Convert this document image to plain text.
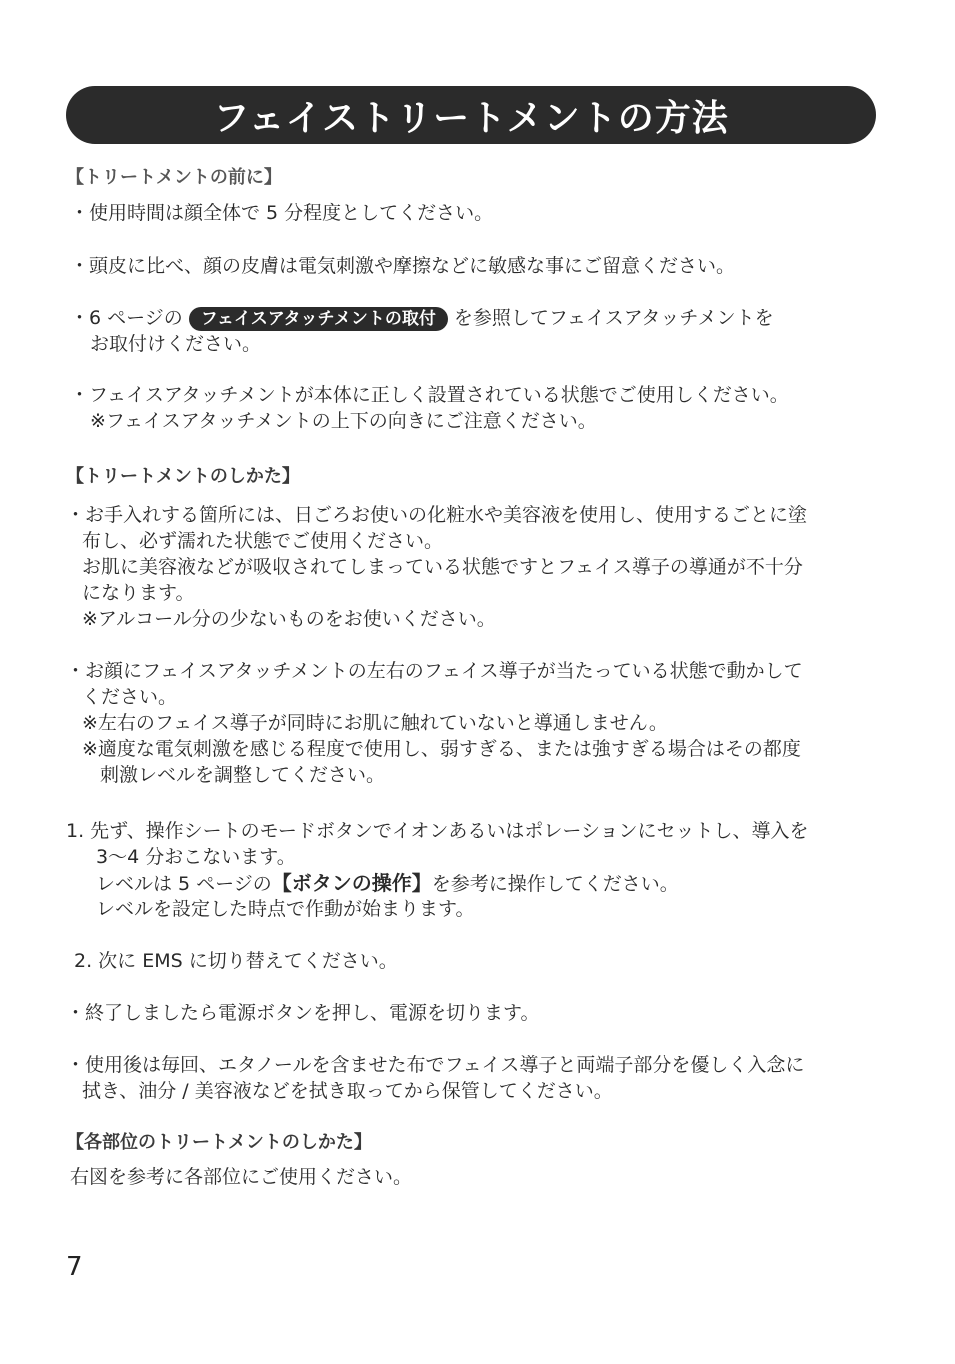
フェイストリートメントの方法
【トリートメントの前に】
・使用時間は顔全体で 5 分程度としてください。
・頭皮に比べ、顔の皮膚は電気刺激や摩擦などに敏感な事にご留意ください。
・6 ページの フェイスアタッチメントの取付 を参照してフェイスアタッチメントを
お取付けください。
・フェイスアタッチメントが本体に正しく設置されている状態でご使用しください。
※フェイスアタッチメントの上下の向きにご注意ください。
【トリートメントのしかた】
・お手入れする箇所には、日ごろお使いの化粧水や美容液を使用し、使用するごとに塗
布し、必ず濡れた状態でご使用ください。
お肌に美容液などが吸収されてしまっている状態ですとフェイス導子の導通が不十分
になります。
※アルコール分の少ないものをお使いください。
・お顔にフェイスアタッチメントの左右のフェイス導子が当たっている状態で動かして
ください。
※左右のフェイス導子が同時にお肌に触れていないと導通しません。
※適度な電気刺激を感じる程度で使用し、弱すぎる、または強すぎる場合はその都度
刺激レベルを調整してください。
1. 先ず、操作シートのモードボタンでイオンあるいはポレーションにセットし、導入を
3～4 分おこないます。
レベルは 5 ページの【ボタンの操作】を参考に操作してください。
レベルを設定した時点で作動が始まります。
2. 次に EMS に切り替えてください。
・終了しましたら電源ボタンを押し、電源を切ります。
・使用後は毎回、エタノールを含ませた布でフェイス導子と両端子部分を優しく入念に
拭き、油分 / 美容液などを拭き取ってから保管してください。
【各部位のトリートメントのしかた】
右図を参考に各部位にご使用ください。
7
